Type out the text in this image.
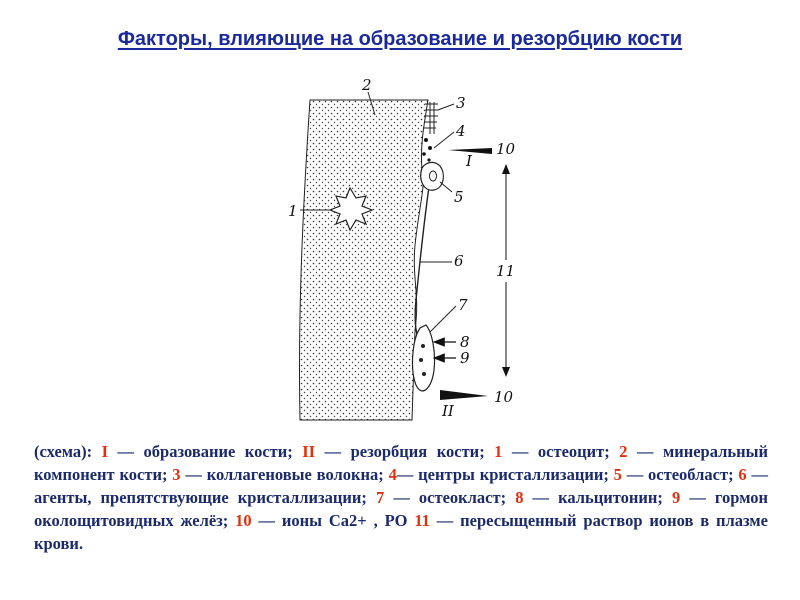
Факторы, влияющие на образование и резорбцию кости
2
3
4
10
I
5
1
6
11
7
8
9
10
II

(схема): I — образование кости; II — резорбция кости; 1 — остеоцит; 2 — минеральный компонент кости; 3 — коллагеновые волокна; 4— центры кристаллизации; 5 — остеобласт; 6 — агенты, препятствующие кристаллизации; 7 — остеокласт; 8 — кальцитонин; 9 — гормон околощитовидных желёз; 10 — ионы Ca2+ , PO 11 — пересыщенный раствор ионов в плазме крови.
